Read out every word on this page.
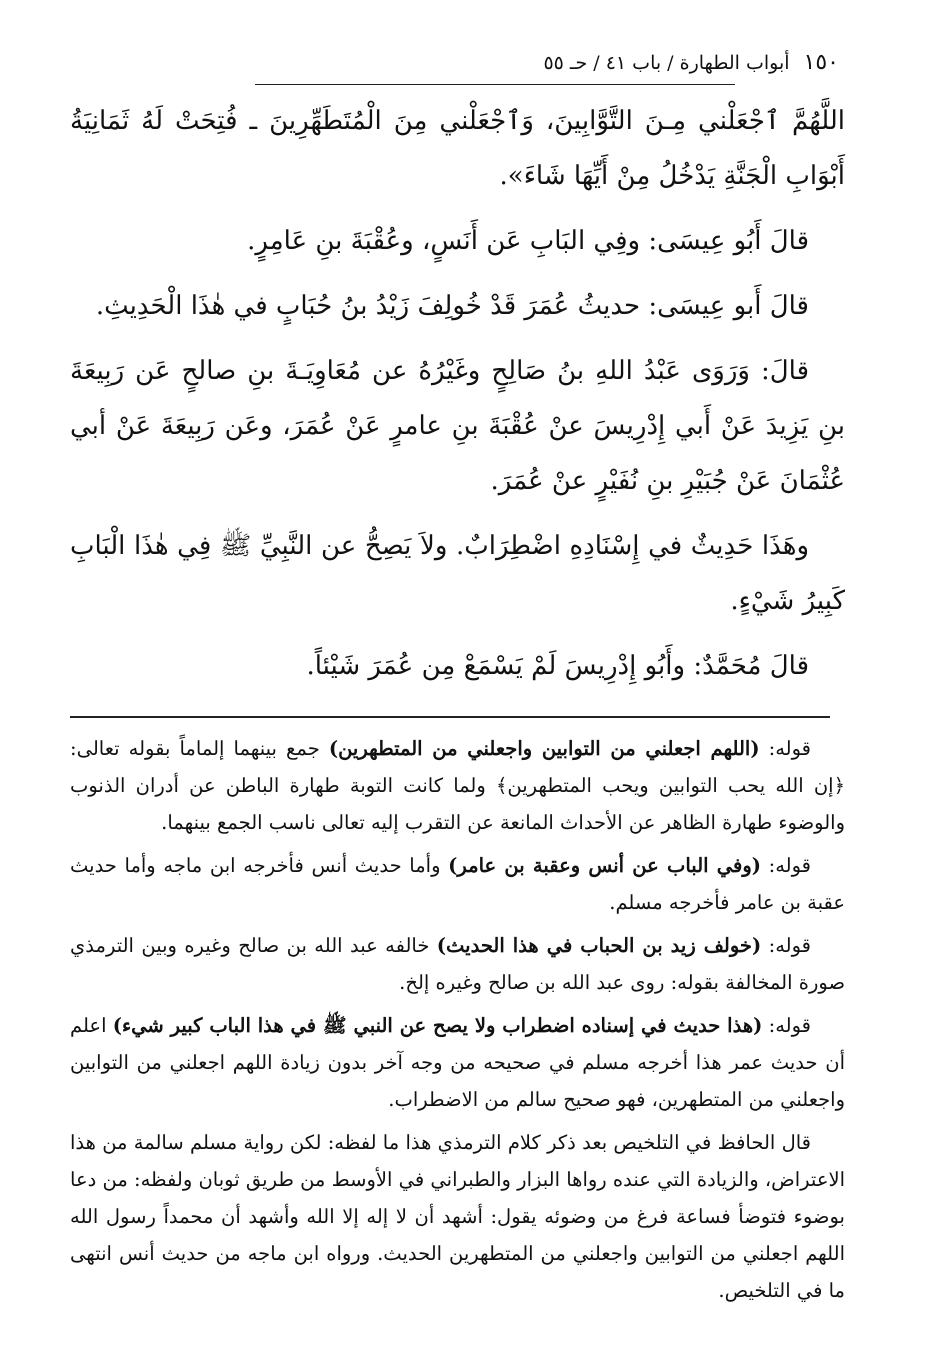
١٥٠
أبواب الطهارة / باب ٤١ / حـ ٥٥

اللَّهُمَّ ٱجْعَلْني مِـنَ التَّوَّابِينَ، وَٱجْعَلْني مِنَ الْمُتَطَهِّرِينَ ـ فُتِحَتْ لَهُ ثَمَانِيَةُ أَبْوَابِ الْجَنَّةِ يَدْخُلُ مِنْ أَيِّهَا شَاءَ».

قالَ أَبُو عِيسَى: وفِي البَابِ عَن أَنَسٍ، وعُقْبَةَ بنِ عَامِرٍ.

قالَ أَبو عِيسَى: حديثُ عُمَرَ قَدْ خُولِفَ زَيْدُ بنُ حُبَابٍ في هٰذَا الْحَدِيثِ.

قالَ: وَرَوَى عَبْدُ اللهِ بنُ صَالِحٍ وغَيْرُهُ عن مُعَاوِيَـةَ بنِ صالحٍ عَن رَبِيعَةَ بنِ يَزِيدَ عَنْ أَبي إِدْرِيسَ عنْ عُقْبَةَ بنِ عامرٍ عَنْ عُمَرَ، وعَن رَبِيعَةَ عَنْ أبي عُثْمَانَ عَنْ جُبَيْرِ بنِ نُفَيْرٍ عنْ عُمَرَ.

وهَذَا حَدِيثٌ في إِسْنَادِهِ اضْطِرَابٌ. ولاَ يَصِحُّ عن النَّبِيِّ ﷺ فِي هٰذَا الْبَابِ كَبِيرُ شَيْءٍ.

قالَ مُحَمَّدٌ: وأَبُو إِدْرِيسَ لَمْ يَسْمَعْ مِن عُمَرَ شَيْئاً.

قوله: (اللهم اجعلني من التوابين واجعلني من المتطهرين) جمع بينهما إلماماً بقوله تعالى: ﴿إن الله يحب التوابين ويحب المتطهرين﴾ ولما كانت التوبة طهارة الباطن عن أدران الذنوب والوضوء طهارة الظاهر عن الأحداث المانعة عن التقرب إليه تعالى ناسب الجمع بينهما.

قوله: (وفي الباب عن أنس وعقبة بن عامر) وأما حديث أنس فأخرجه ابن ماجه وأما حديث عقبة بن عامر فأخرجه مسلم.

قوله: (خولف زيد بن الحباب في هذا الحديث) خالفه عبد الله بن صالح وغيره وبين الترمذي صورة المخالفة بقوله: روى عبد الله بن صالح وغيره إلخ.

قوله: (هذا حديث في إسناده اضطراب ولا يصح عن النبي ﷺ في هذا الباب كبير شيء) اعلم أن حديث عمر هذا أخرجه مسلم في صحيحه من وجه آخر بدون زيادة اللهم اجعلني من التوابين واجعلني من المتطهرين، فهو صحيح سالم من الاضطراب.

قال الحافظ في التلخيص بعد ذكر كلام الترمذي هذا ما لفظه: لكن رواية مسلم سالمة من هذا الاعتراض، والزيادة التي عنده رواها البزار والطبراني في الأوسط من طريق ثوبان ولفظه: من دعا بوضوء فتوضأ فساعة فرغ من وضوئه يقول: أشهد أن لا إله إلا الله وأشهد أن محمداً رسول الله اللهم اجعلني من التوابين واجعلني من المتطهرين الحديث. ورواه ابن ماجه من حديث أنس انتهى ما في التلخيص.
